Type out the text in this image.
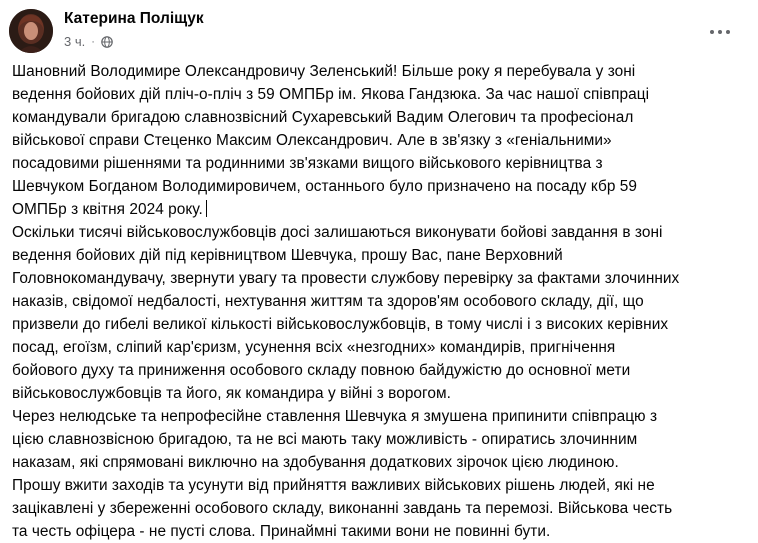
Катерина Поліщук
3 ч. ·
Шановний Володимире Олександровичу Зеленський! Більше року я перебувала у зоні
ведення бойових дій пліч-о-пліч з 59 ОМПБр ім. Якова Гандзюка. За час нашої співпраці
командували бригадою славнозвісний Сухаревський Вадим Олегович та професіонал
військової справи Стеценко Максим Олександрович. Але в зв'язку з «геніальними»
посадовими рішеннями та родинними зв'язками вищого військового керівництва з
Шевчуком Богданом Володимировичем, останнього було призначено на посаду кбр 59
ОМПБр з квітня 2024 року.
Оскільки тисячі військовослужбовців досі залишаються виконувати бойові завдання в зоні
ведення бойових дій під керівництвом Шевчука, прошу Вас, пане Верховний
Головнокомандувачу, звернути увагу та провести службову перевірку за фактами злочинних
наказів, свідомої недбалості, нехтування життям та здоров'ям особового складу, дії, що
призвели до гибелі великої кількості військовослужбовців, в тому числі і з високих керівних
посад, егоїзм, сліпий кар'єризм, усунення всіх «незгодних» командирів, пригнічення
бойового духу та приниження особового складу повною байдужістю до основної мети
військовослужбовців та його, як командира у війні з ворогом.
Через нелюдське та непрофесійне ставлення Шевчука я змушена припинити співпрацю з
цією славнозвісною бригадою, та не всі мають таку можливість - опиратись злочинним
наказам, які спрямовані виключно на здобування додаткових зірочок цією людиною.
Прошу вжити заходів та усунути від прийняття важливих військових рішень людей, які не
зацікавлені у збереженні особового складу, виконанні завдань та перемозі. Військова честь
та честь офіцера - не пусті слова. Принаймні такими вони не повинні бути.
